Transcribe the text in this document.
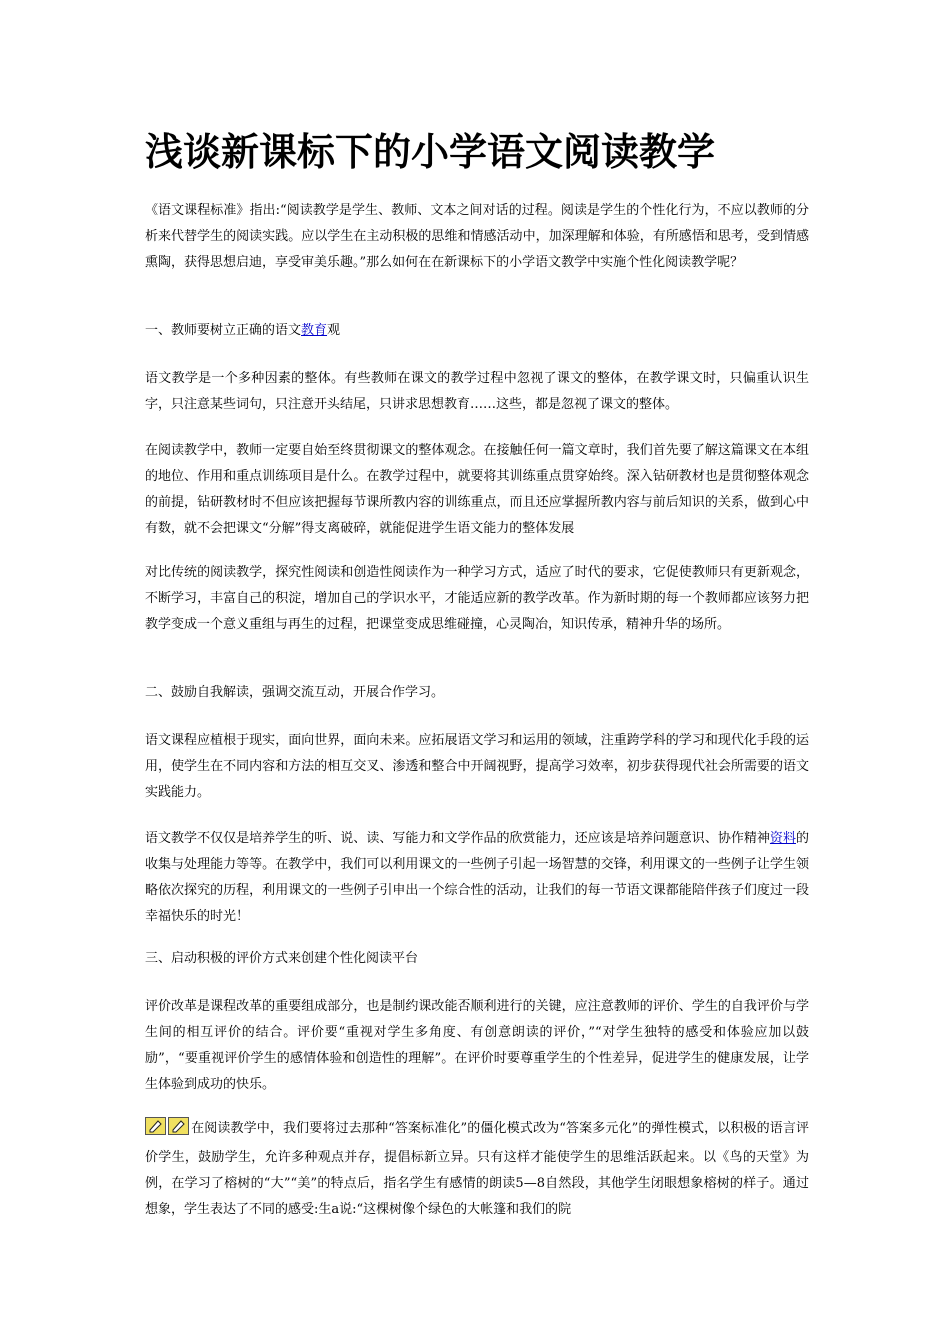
浅谈新课标下的小学语文阅读教学

《语文课程标准》指出:“阅读教学是学生、教师、文本之间对话的过程。阅读是学生的个性化行为，不应以教师的分析来代替学生的阅读实践。应以学生在主动积极的思维和情感活动中，加深理解和体验，有所感悟和思考，受到情感熏陶，获得思想启迪，享受审美乐趣。”那么如何在在新课标下的小学语文教学中实施个性化阅读教学呢？

一、教师要树立正确的语文教育观

语文教学是一个多种因素的整体。有些教师在课文的教学过程中忽视了课文的整体，在教学课文时，只偏重认识生字，只注意某些词句，只注意开头结尾，只讲求思想教育……这些，都是忽视了课文的整体。

在阅读教学中，教师一定要自始至终贯彻课文的整体观念。在接触任何一篇文章时，我们首先要了解这篇课文在本组的地位、作用和重点训练项目是什么。在教学过程中，就要将其训练重点贯穿始终。深入钻研教材也是贯彻整体观念的前提，钻研教材时不但应该把握每节课所教内容的训练重点，而且还应掌握所教内容与前后知识的关系，做到心中有数，就不会把课文“分解”得支离破碎，就能促进学生语文能力的整体发展

对比传统的阅读教学，探究性阅读和创造性阅读作为一种学习方式，适应了时代的要求，它促使教师只有更新观念，不断学习，丰富自己的积淀，增加自己的学识水平，才能适应新的教学改革。作为新时期的每一个教师都应该努力把教学变成一个意义重组与再生的过程，把课堂变成思维碰撞，心灵陶冶，知识传承，精神升华的场所。

二、鼓励自我解读，强调交流互动，开展合作学习。

语文课程应植根于现实，面向世界，面向未来。应拓展语文学习和运用的领域，注重跨学科的学习和现代化手段的运用，使学生在不同内容和方法的相互交叉、渗透和整合中开阔视野，提高学习效率，初步获得现代社会所需要的语文实践能力。

语文教学不仅仅是培养学生的听、说、读、写能力和文学作品的欣赏能力，还应该是培养问题意识、协作精神资料的收集与处理能力等等。在教学中，我们可以利用课文的一些例子引起一场智慧的交锋，利用课文的一些例子让学生领略依次探究的历程，利用课文的一些例子引申出一个综合性的活动，让我们的每一节语文课都能陪伴孩子们度过一段幸福快乐的时光！

三、启动积极的评价方式来创建个性化阅读平台

评价改革是课程改革的重要组成部分，也是制约课改能否顺利进行的关键，应注意教师的评价、学生的自我评价与学生间的相互评价的结合。评价要“重视对学生多角度、有创意朗读的评价，”“对学生独特的感受和体验应加以鼓励”，“要重视评价学生的感情体验和创造性的理解”。在评价时要尊重学生的个性差异，促进学生的健康发展，让学生体验到成功的快乐。

在阅读教学中，我们要将过去那种“答案标准化”的僵化模式改为“答案多元化”的弹性模式，以积极的语言评价学生，鼓励学生，允许多种观点并存，提倡标新立异。只有这样才能使学生的思维活跃起来。以《鸟的天堂》为例，在学习了榕树的“大”“美”的特点后，指名学生有感情的朗读5—8自然段，其他学生闭眼想象榕树的样子。通过想象，学生表达了不同的感受:生a说:“这棵树像个绿色的大帐篷和我们的院
